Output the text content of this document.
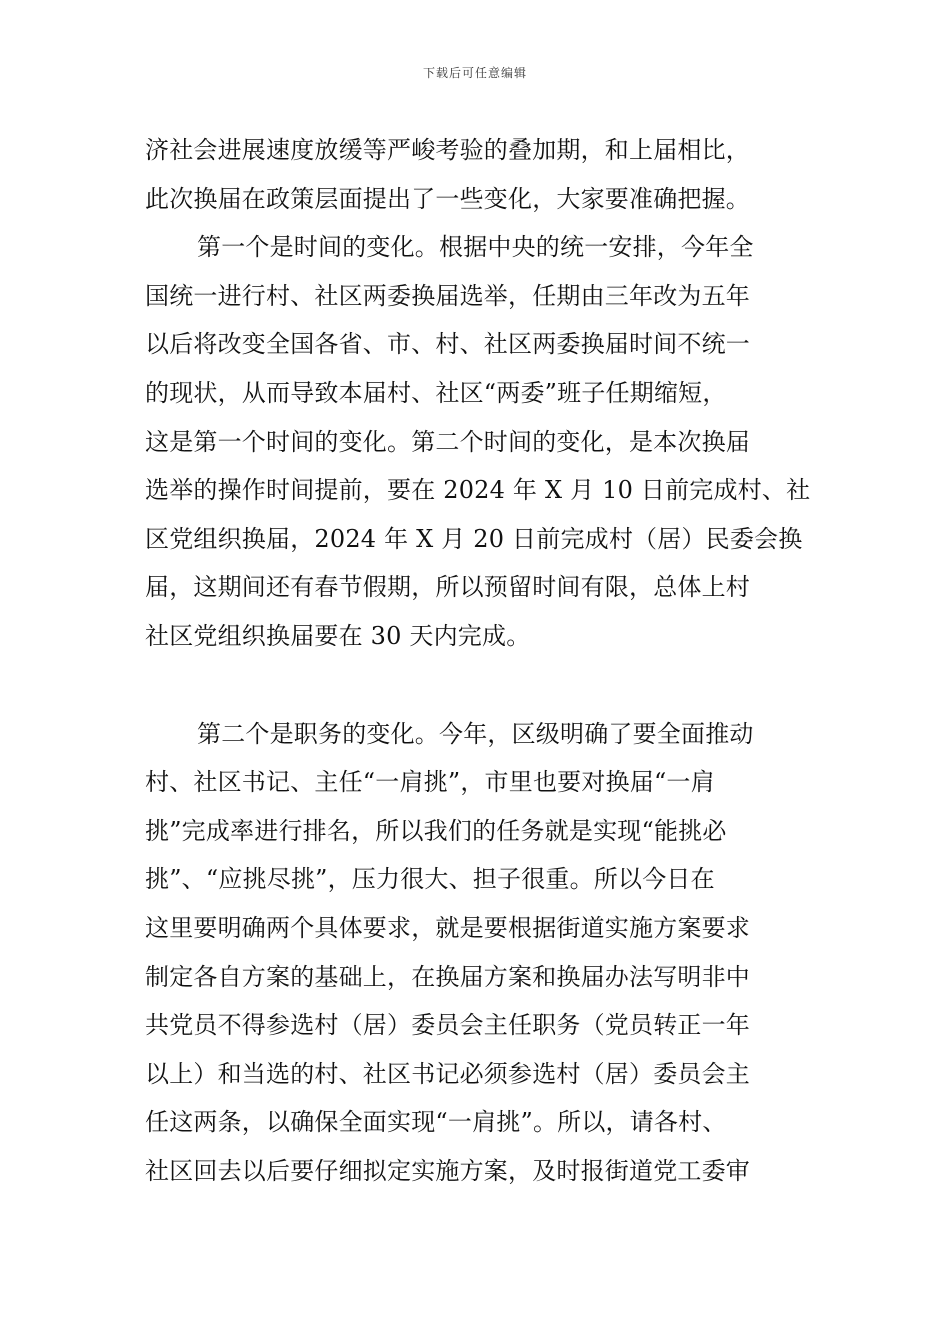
下载后可任意编辑
济社会进展速度放缓等严峻考验的叠加期，和上届相比，
此次换届在政策层面提出了一些变化，大家要准确把握。
第一个是时间的变化。根据中央的统一安排，今年全
国统一进行村、社区两委换届选举，任期由三年改为五年
以后将改变全国各省、市、村、社区两委换届时间不统一
的现状，从而导致本届村、社区“两委”班子任期缩短，
这是第一个时间的变化。第二个时间的变化，是本次换届
选举的操作时间提前，要在 2024 年 X 月 10 日前完成村、社
区党组织换届，2024 年 X 月 20 日前完成村（居）民委会换
届，这期间还有春节假期，所以预留时间有限，总体上村
社区党组织换届要在 30 天内完成。
第二个是职务的变化。今年，区级明确了要全面推动
村、社区书记、主任“一肩挑”，市里也要对换届“一肩
挑”完成率进行排名，所以我们的任务就是实现“能挑必
挑”、“应挑尽挑”，压力很大、担子很重。所以今日在
这里要明确两个具体要求，就是要根据街道实施方案要求
制定各自方案的基础上，在换届方案和换届办法写明非中
共党员不得参选村（居）委员会主任职务（党员转正一年
以上）和当选的村、社区书记必须参选村（居）委员会主
任这两条，以确保全面实现“一肩挑”。所以，请各村、
社区回去以后要仔细拟定实施方案，及时报街道党工委审
